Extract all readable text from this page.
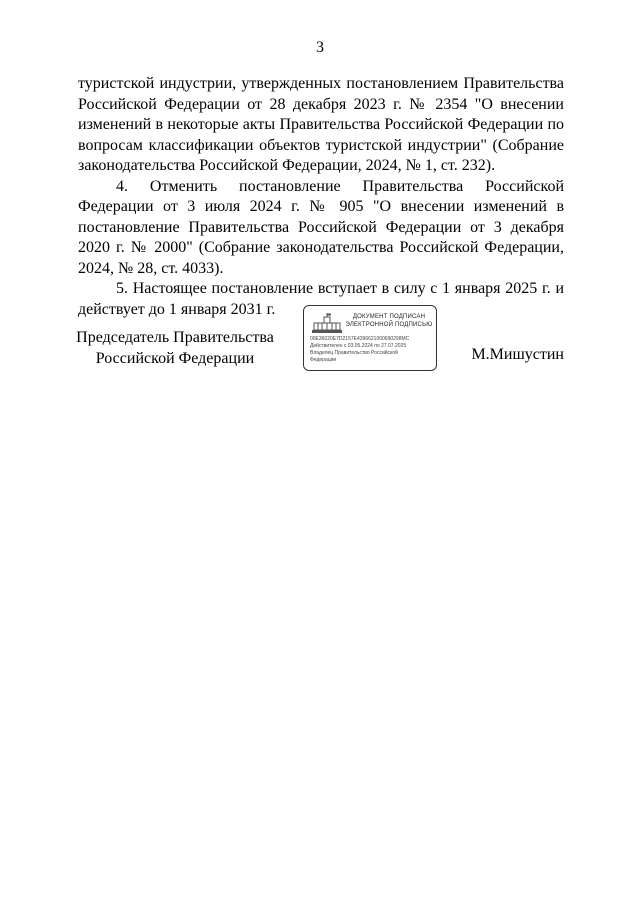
3

туристской индустрии, утвержденных постановлением Правительства Российской Федерации от 28 декабря 2023 г. № 2354 "О внесении изменений в некоторые акты Правительства Российской Федерации по вопросам классификации объектов туристской индустрии" (Собрание законодательства Российской Федерации, 2024, № 1, ст. 232).

4. Отменить постановление Правительства Российской Федерации от 3 июля 2024 г. № 905 "О внесении изменений в постановление Правительства Российской Федерации от 3 декабря 2020 г. № 2000" (Собрание законодательства Российской Федерации, 2024, № 28, ст. 4033).

5. Настоящее постановление вступает в силу с 1 января 2025 г. и действует до 1 января 2031 г.

Председатель Правительства
Российской Федерации
ДОКУМЕНТ ПОДПИСАН
ЭЛЕКТРОННОЙ ПОДПИСЬЮ
00E36020E7D2157E4396621000690298MC
Действителен с 03.05.2024 по 27.07.2025
Владелец Правительство Российской
Федерации	М.Мишустин
